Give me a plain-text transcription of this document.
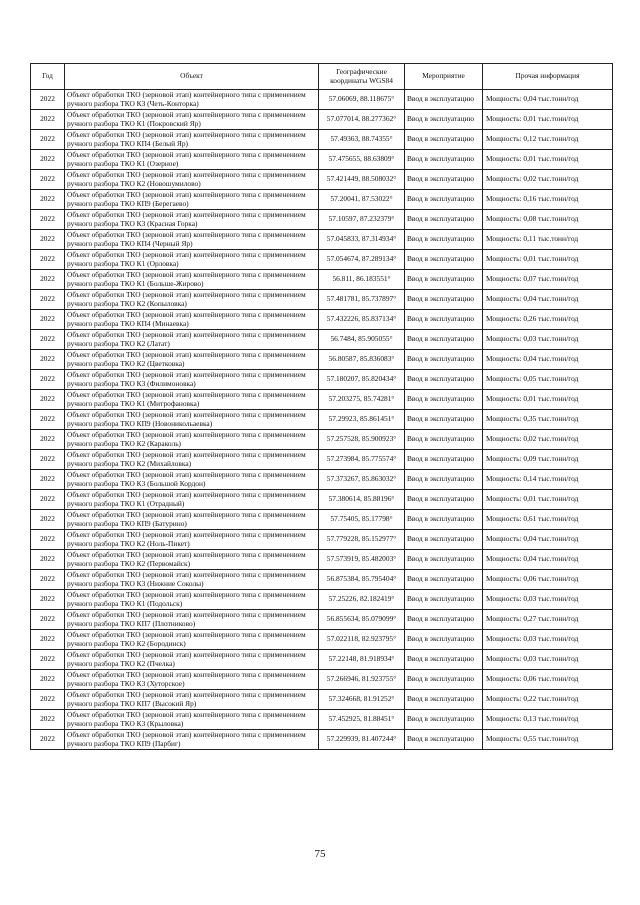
Год	Объект	Географические координаты WGS84	Мероприятие	Прочая информация
2022	Объект обработки ТКО (зерновой этап) контейнерного типа с применением ручного разбора ТКО КЗ (Четь-Конторка)	57.06069, 88.118675°	Ввод в эксплуатацию	Мощность: 0,04 тыс.тонн/год
2022	Объект обработки ТКО (зерновой этап) контейнерного типа с применением ручного разбора ТКО К1 (Покровский Яр)	57.077014, 88.277362°	Ввод в эксплуатацию	Мощность: 0,01 тыс.тонн/год
2022	Объект обработки ТКО (зерновой этап) контейнерного типа с применением ручного разбора ТКО КП4 (Белый Яр)	57.49363, 88.74355°	Ввод в эксплуатацию	Мощность: 0,12 тыс.тонн/год
2022	Объект обработки ТКО (зерновой этап) контейнерного типа с применением ручного разбора ТКО К1 (Озерное)	57.475655, 88.63809°	Ввод в эксплуатацию	Мощность: 0,01 тыс.тонн/год
2022	Объект обработки ТКО (зерновой этап) контейнерного типа с применением ручного разбора ТКО К2 (Новошумилово)	57.421449, 88.508032°	Ввод в эксплуатацию	Мощность: 0,02 тыс.тонн/год
2022	Объект обработки ТКО (зерновой этап) контейнерного типа с применением ручного разбора ТКО КП9 (Берегаево)	57.20041, 87.53022°	Ввод в эксплуатацию	Мощность: 0,16 тыс.тонн/год
2022	Объект обработки ТКО (зерновой этап) контейнерного типа с применением ручного разбора ТКО К3 (Красная Горка)	57.10597, 87.232379°	Ввод в эксплуатацию	Мощность: 0,08 тыс.тонн/год
2022	Объект обработки ТКО (зерновой этап) контейнерного типа с применением ручного разбора ТКО КП4 (Черный Яр)	57.045833, 87.314934°	Ввод в эксплуатацию	Мощность: 0,11 тыс.тонн/год
2022	Объект обработки ТКО (зерновой этап) контейнерного типа с применением ручного разбора ТКО К1 (Орловка)	57.054674, 87.289134°	Ввод в эксплуатацию	Мощность: 0,01 тыс.тонн/год
2022	Объект обработки ТКО (зерновой этап) контейнерного типа с применением ручного разбора ТКО К1 (Больше-Жирово)	56.811, 86.183551°	Ввод в эксплуатацию	Мощность: 0,07 тыс.тонн/год
2022	Объект обработки ТКО (зерновой этап) контейнерного типа с применением ручного разбора ТКО К2 (Копыловка)	57.481781, 85.737897°	Ввод в эксплуатацию	Мощность: 0,04 тыс.тонн/год
2022	Объект обработки ТКО (зерновой этап) контейнерного типа с применением ручного разбора ТКО КП4 (Минаевка)	57.432226, 85.837134°	Ввод в эксплуатацию	Мощность: 0,26 тыс.тонн/год
2022	Объект обработки ТКО (зерновой этап) контейнерного типа с применением ручного разбора ТКО К2 (Латат)	56.7484, 85.905055°	Ввод в эксплуатацию	Мощность: 0,03 тыс.тонн/год
2022	Объект обработки ТКО (зерновой этап) контейнерного типа с применением ручного разбора ТКО К2 (Цветковка)	56.80587, 85.836083°	Ввод в эксплуатацию	Мощность: 0,04 тыс.тонн/год
2022	Объект обработки ТКО (зерновой этап) контейнерного типа с применением ручного разбора ТКО К3 (Филимоновка)	57.180207, 85.820434°	Ввод в эксплуатацию	Мощность: 0,05 тыс.тонн/год
2022	Объект обработки ТКО (зерновой этап) контейнерного типа с применением ручного разбора ТКО К1 (Митрофановка)	57.203275, 85.74281°	Ввод в эксплуатацию	Мощность: 0,01 тыс.тонн/год
2022	Объект обработки ТКО (зерновой этап) контейнерного типа с применением ручного разбора ТКО КП9 (Новоникольаевка)	57.29923, 85.861451°	Ввод в эксплуатацию	Мощность: 0,35 тыс.тонн/год
2022	Объект обработки ТКО (зерновой этап) контейнерного типа с применением ручного разбора ТКО К2 (Караколь)	57.257528, 85.900923°	Ввод в эксплуатацию	Мощность: 0,02 тыс.тонн/год
2022	Объект обработки ТКО (зерновой этап) контейнерного типа с применением ручного разбора ТКО К2 (Михайловка)	57.273984, 85.775574°	Ввод в эксплуатацию	Мощность: 0,09 тыс.тонн/год
2022	Объект обработки ТКО (зерновой этап) контейнерного типа с применением ручного разбора ТКО К3 (Большой Кордон)	57.373267, 85.863032°	Ввод в эксплуатацию	Мощность: 0,14 тыс.тонн/год
2022	Объект обработки ТКО (зерновой этап) контейнерного типа с применением ручного разбора ТКО К1 (Отрадный)	57.380614, 85.88196°	Ввод в эксплуатацию	Мощность: 0,01 тыс.тонн/год
2022	Объект обработки ТКО (зерновой этап) контейнерного типа с применением ручного разбора ТКО КП9 (Батурино)	57.75405, 85.17798°	Ввод в эксплуатацию	Мощность: 0,61 тыс.тонн/год
2022	Объект обработки ТКО (зерновой этап) контейнерного типа с применением ручного разбора ТКО К2 (Ноль-Пикет)	57.779228, 85.152977°	Ввод в эксплуатацию	Мощность: 0,04 тыс.тонн/год
2022	Объект обработки ТКО (зерновой этап) контейнерного типа с применением ручного разбора ТКО К2 (Первомайск)	57.573919, 85.482003°	Ввод в эксплуатацию	Мощность: 0,04 тыс.тонн/год
2022	Объект обработки ТКО (зерновой этап) контейнерного типа с применением ручного разбора ТКО К3 (Нижние Соколы)	56.875384, 85.795404°	Ввод в эксплуатацию	Мощность: 0,06 тыс.тонн/год
2022	Объект обработки ТКО (зерновой этап) контейнерного типа с применением ручного разбора ТКО К1 (Подольск)	57.25226, 82.182419°	Ввод в эксплуатацию	Мощность: 0,03 тыс.тонн/год
2022	Объект обработки ТКО (зерновой этап) контейнерного типа с применением ручного разбора ТКО КП7 (Плотниково)	56.855634, 85.079099°	Ввод в эксплуатацию	Мощность: 0,27 тыс.тонн/год
2022	Объект обработки ТКО (зерновой этап) контейнерного типа с применением ручного разбора ТКО К2 (Бородинск)	57.022118, 82.923795°	Ввод в эксплуатацию	Мощность: 0,03 тыс.тонн/год
2022	Объект обработки ТКО (зерновой этап) контейнерного типа с применением ручного разбора ТКО К2 (Пчелка)	57.22148, 81.918934°	Ввод в эксплуатацию	Мощность: 0,03 тыс.тонн/год
2022	Объект обработки ТКО (зерновой этап) контейнерного типа с применением ручного разбора ТКО К3 (Хуторское)	57.266946, 81.923755°	Ввод в эксплуатацию	Мощность: 0,06 тыс.тонн/год
2022	Объект обработки ТКО (зерновой этап) контейнерного типа с применением ручного разбора ТКО КП7 (Высокий Яр)	57.324668, 81.91252°	Ввод в эксплуатацию	Мощность: 0,22 тыс.тонн/год
2022	Объект обработки ТКО (зерновой этап) контейнерного типа с применением ручного разбора ТКО К3 (Крыловка)	57.452925, 81.88451°	Ввод в эксплуатацию	Мощность: 0,13 тыс.тонн/год
2022	Объект обработки ТКО (зерновой этап) контейнерного типа с применением ручного разбора ТКО КП9 (Парбиг)	57.229939, 81.407244°	Ввод в эксплуатацию	Мощность: 0,55 тыс.тонн/год
75
